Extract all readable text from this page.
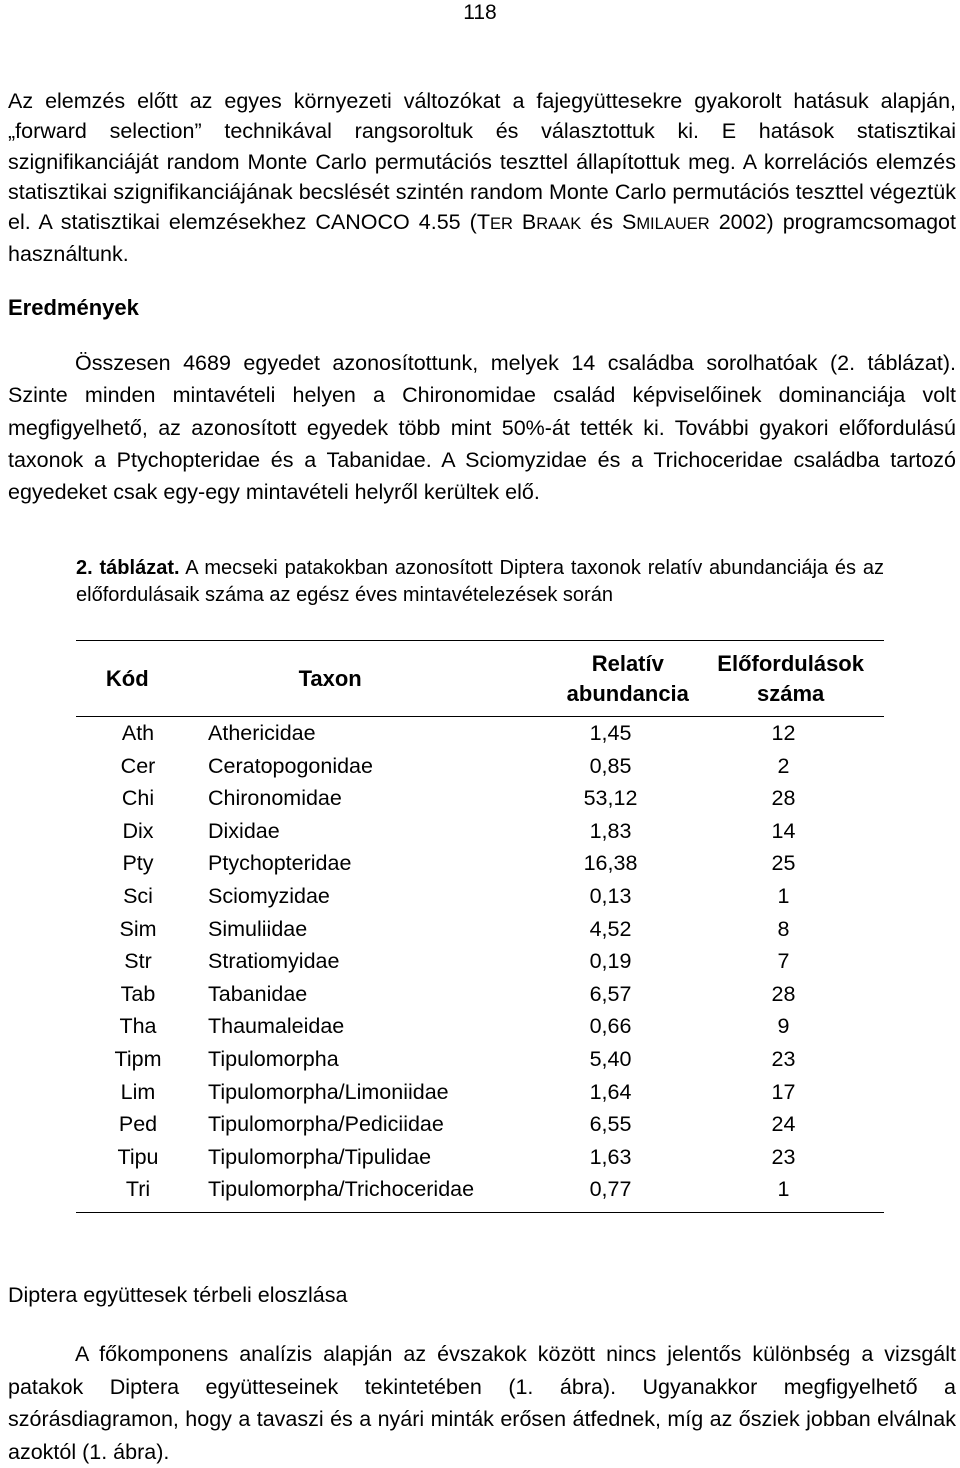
118
Az elemzés előtt az egyes környezeti változókat a fajegyüttesekre gyakorolt hatásuk alapján, „forward selection” technikával rangsoroltuk és választottuk ki. E hatások statisztikai szignifikanciáját random Monte Carlo permutációs teszttel állapítottuk meg. A korrelációs elemzés statisztikai szignifikanciájának becslését szintén random Monte Carlo permutációs teszttel végeztük el. A statisztikai elemzésekhez CANOCO 4.55 (TER BRAAK és SMILAUER 2002) programcsomagot használtunk.
Eredmények
Összesen 4689 egyedet azonosítottunk, melyek 14 családba sorolhatóak (2. táblázat). Szinte minden mintavételi helyen a Chironomidae család képviselőinek dominanciája volt megfigyelhető, az azonosított egyedek több mint 50%-át tették ki. További gyakori előfordulású taxonok a Ptychopteridae és a Tabanidae. A Sciomyzidae és a Trichoceridae családba tartozó egyedeket csak egy-egy mintavételi helyről kerültek elő.
2. táblázat. A mecseki patakokban azonosított Diptera taxonok relatív abundanciája és az előfordulásaik száma az egész éves mintavételezések során
Kód	Taxon	Relatív abundancia	Előfordulások száma
Ath	Athericidae	1,45	12
Cer	Ceratopogonidae	0,85	2
Chi	Chironomidae	53,12	28
Dix	Dixidae	1,83	14
Pty	Ptychopteridae	16,38	25
Sci	Sciomyzidae	0,13	1
Sim	Simuliidae	4,52	8
Str	Stratiomyidae	0,19	7
Tab	Tabanidae	6,57	28
Tha	Thaumaleidae	0,66	9
Tipm	Tipulomorpha	5,40	23
Lim	Tipulomorpha/Limoniidae	1,64	17
Ped	Tipulomorpha/Pediciidae	6,55	24
Tipu	Tipulomorpha/Tipulidae	1,63	23
Tri	Tipulomorpha/Trichoceridae	0,77	1
Diptera együttesek térbeli eloszlása
A főkomponens analízis alapján az évszakok között nincs jelentős különbség a vizsgált patakok Diptera együtteseinek tekintetében (1. ábra). Ugyanakkor megfigyelhető a szórásdiagramon, hogy a tavaszi és a nyári minták erősen átfednek, míg az ősziek jobban elválnak azoktól (1. ábra).
